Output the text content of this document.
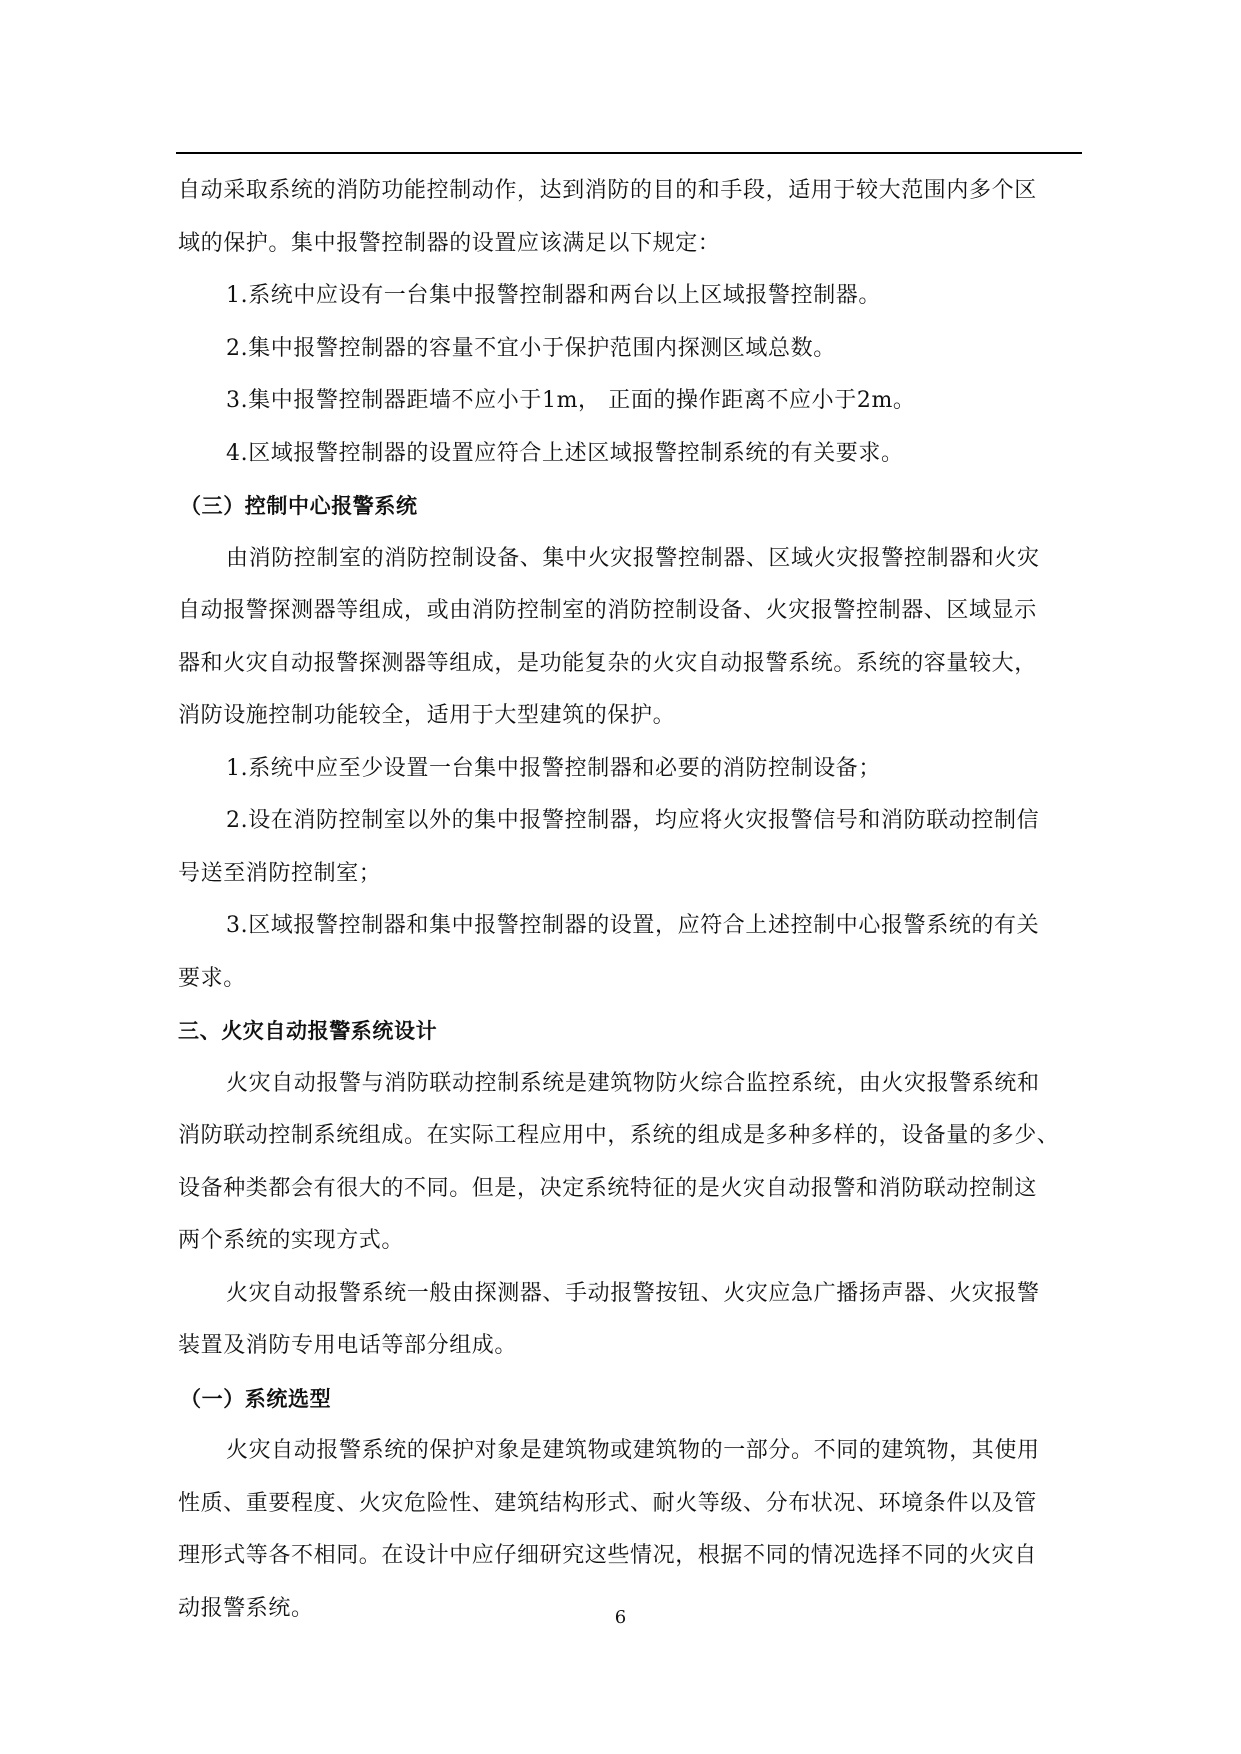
自动采取系统的消防功能控制动作，达到消防的目的和手段，适用于较大范围内多个区
域的保护。集中报警控制器的设置应该满足以下规定：
1.系统中应设有一台集中报警控制器和两台以上区域报警控制器。
2.集中报警控制器的容量不宜小于保护范围内探测区域总数。
3.集中报警控制器距墙不应小于1m， 正面的操作距离不应小于2m。
4.区域报警控制器的设置应符合上述区域报警控制系统的有关要求。
（三）控制中心报警系统
由消防控制室的消防控制设备、集中火灾报警控制器、区域火灾报警控制器和火灾
自动报警探测器等组成，或由消防控制室的消防控制设备、火灾报警控制器、区域显示
器和火灾自动报警探测器等组成，是功能复杂的火灾自动报警系统。系统的容量较大，
消防设施控制功能较全，适用于大型建筑的保护。
1.系统中应至少设置一台集中报警控制器和必要的消防控制设备；
2.设在消防控制室以外的集中报警控制器，均应将火灾报警信号和消防联动控制信
号送至消防控制室；
3.区域报警控制器和集中报警控制器的设置，应符合上述控制中心报警系统的有关
要求。
三、火灾自动报警系统设计
火灾自动报警与消防联动控制系统是建筑物防火综合监控系统，由火灾报警系统和
消防联动控制系统组成。在实际工程应用中，系统的组成是多种多样的，设备量的多少、
设备种类都会有很大的不同。但是，决定系统特征的是火灾自动报警和消防联动控制这
两个系统的实现方式。
火灾自动报警系统一般由探测器、手动报警按钮、火灾应急广播扬声器、火灾报警
装置及消防专用电话等部分组成。
（一）系统选型
火灾自动报警系统的保护对象是建筑物或建筑物的一部分。不同的建筑物，其使用
性质、重要程度、火灾危险性、建筑结构形式、耐火等级、分布状况、环境条件以及管
理形式等各不相同。在设计中应仔细研究这些情况，根据不同的情况选择不同的火灾自
动报警系统。	6
